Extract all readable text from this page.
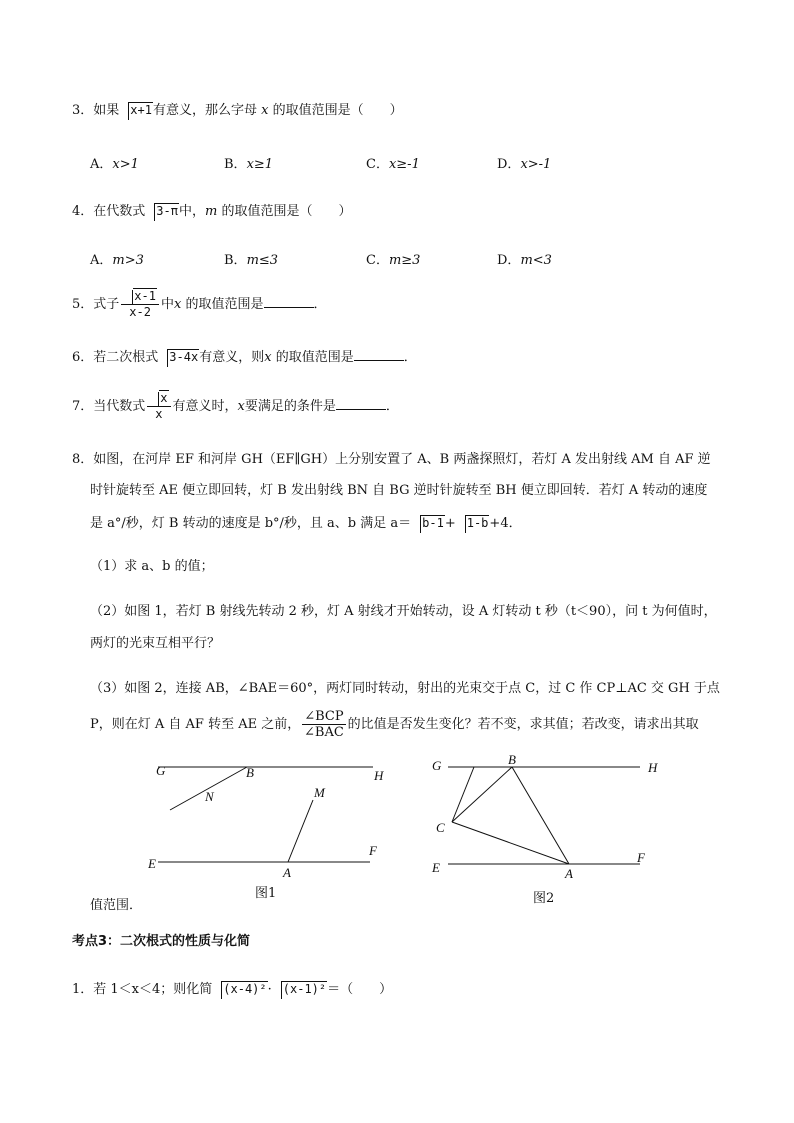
3．如果 x+1有意义，那么字母 x 的取值范围是（　　）
A．x>1	B．x≥1	C．x≥-1	D．x>-1
4．在代数式 3-π中，m 的取值范围是（　　）
A．m>3	B．m≤3	C．m≥3	D．m<3
5．式子 $\frac{x-1}{x-2}$ 中x 的取值范围是	．
6．若二次根式 3-4x有意义，则x 的取值范围是	．
7．当代数式 $\frac{x}{x}$ 有意义时，x要满足的条件是	．
8．如图，在河岸 EF 和河岸 GH（EF∥GH）上分别安置了 A、B 两盏探照灯，若灯 A 发出射线 AM 自 AF 逆
时针旋转至 AE 便立即回转，灯 B 发出射线 BN 自 BG 逆时针旋转至 BH 便立即回转．若灯 A 转动的速度
是 a°/秒，灯 B 转动的速度是 b°/秒，且 a、b 满足 a＝ b-1+ 1-b+4．
（1）求 a、b 的值；
（2）如图 1，若灯 B 射线先转动 2 秒，灯 A 射线才开始转动，设 A 灯转动 t 秒（t＜90），问 t 为何值时，
两灯的光束互相平行？
（3）如图 2，连接 AB，∠BAE＝60°，两灯同时转动，射出的光束交于点 C，过 C 作 CP⊥AC 交 GH 于点
P，则在灯 A 自 AF 转至 AE 之前， $\frac{\text{∠BCP}}{\text{∠BAC}}$ 的比值是否发生变化？若不变，求其值；若改变，请求出其取
G	B	H
N	M
E
A
F
图1
G	B
H
C
E	A
F
图2
值范围．
考点3：二次根式的性质与化简
1．若 1＜x＜4；则化简 (x-4)²· (x-1)²＝（　　）
